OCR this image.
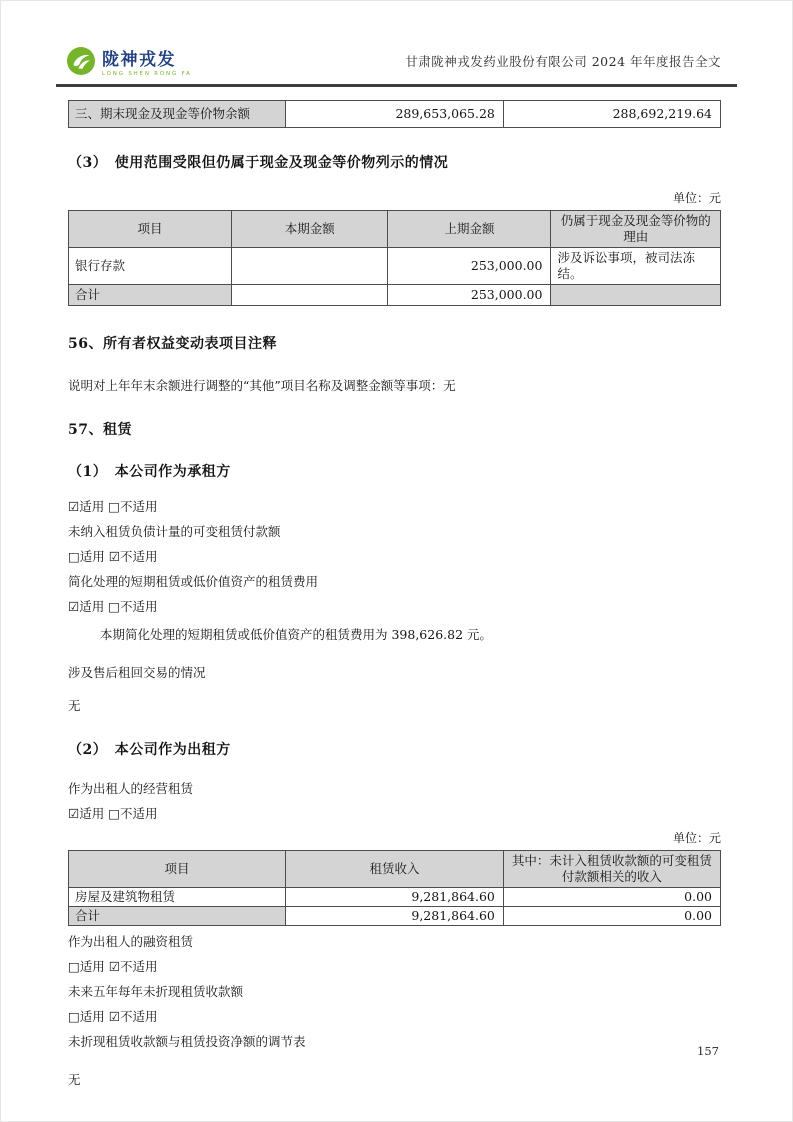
陇神戎发
LONG SHEN RONG FA
甘肃陇神戎发药业股份有限公司 2024 年年度报告全文
三、期末现金及现金等价物余额	289,653,065.28	288,692,219.64
（3）　使用范围受限但仍属于现金及现金等价物列示的情况
单位：元
项目	本期金额	上期金额	仍属于现金及现金等价物的理由
银行存款		253,000.00	涉及诉讼事项，被司法冻结。
合计		253,000.00	
56、所有者权益变动表项目注释
说明对上年年末余额进行调整的“其他”项目名称及调整金额等事项：无
57、租赁
（1）　本公司作为承租方
☑适用 □不适用
未纳入租赁负债计量的可变租赁付款额
□适用 ☑不适用
简化处理的短期租赁或低价值资产的租赁费用
☑适用 □不适用
本期简化处理的短期租赁或低价值资产的租赁费用为 398,626.82 元。
涉及售后租回交易的情况
无
（2）　本公司作为出租方
作为出租人的经营租赁
☑适用 □不适用
单位：元
项目	租赁收入	其中：未计入租赁收款额的可变租赁付款额相关的收入
房屋及建筑物租赁	9,281,864.60	0.00
合计	9,281,864.60	0.00
作为出租人的融资租赁
□适用 ☑不适用
未来五年每年未折现租赁收款额
□适用 ☑不适用
未折现租赁收款额与租赁投资净额的调节表
无
157
